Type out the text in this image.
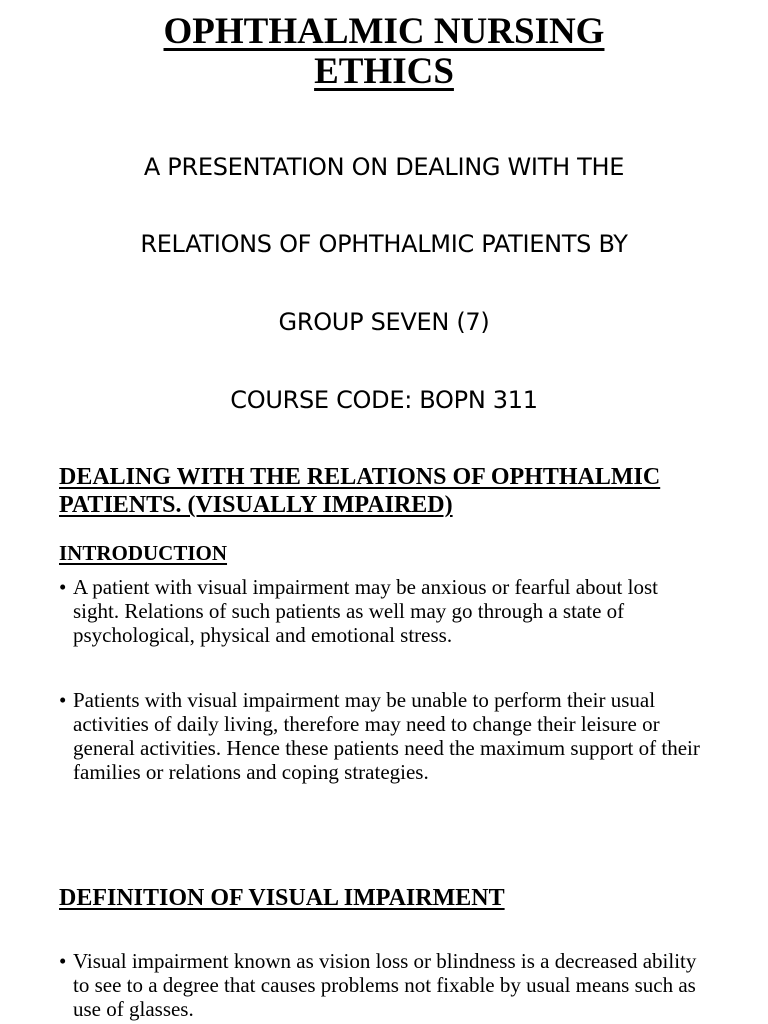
OPHTHALMIC NURSING
ETHICS
A PRESENTATION ON DEALING WITH THE
RELATIONS OF OPHTHALMIC PATIENTS BY
GROUP SEVEN (7)
COURSE CODE: BOPN 311
DEALING WITH THE RELATIONS OF OPHTHALMIC
PATIENTS. (VISUALLY IMPAIRED)
INTRODUCTION
• A patient with visual impairment may be anxious or fearful about lost sight. Relations of such patients as well may go through a state of psychological, physical and emotional stress.
• Patients with visual impairment may be unable to perform their usual activities of daily living, therefore may need to change their leisure or general activities. Hence these patients need the maximum support of their families or relations and coping strategies.
DEFINITION OF VISUAL IMPAIRMENT
• Visual impairment known as vision loss or blindness is a decreased ability to see to a degree that causes problems not fixable by usual means such as use of glasses.
